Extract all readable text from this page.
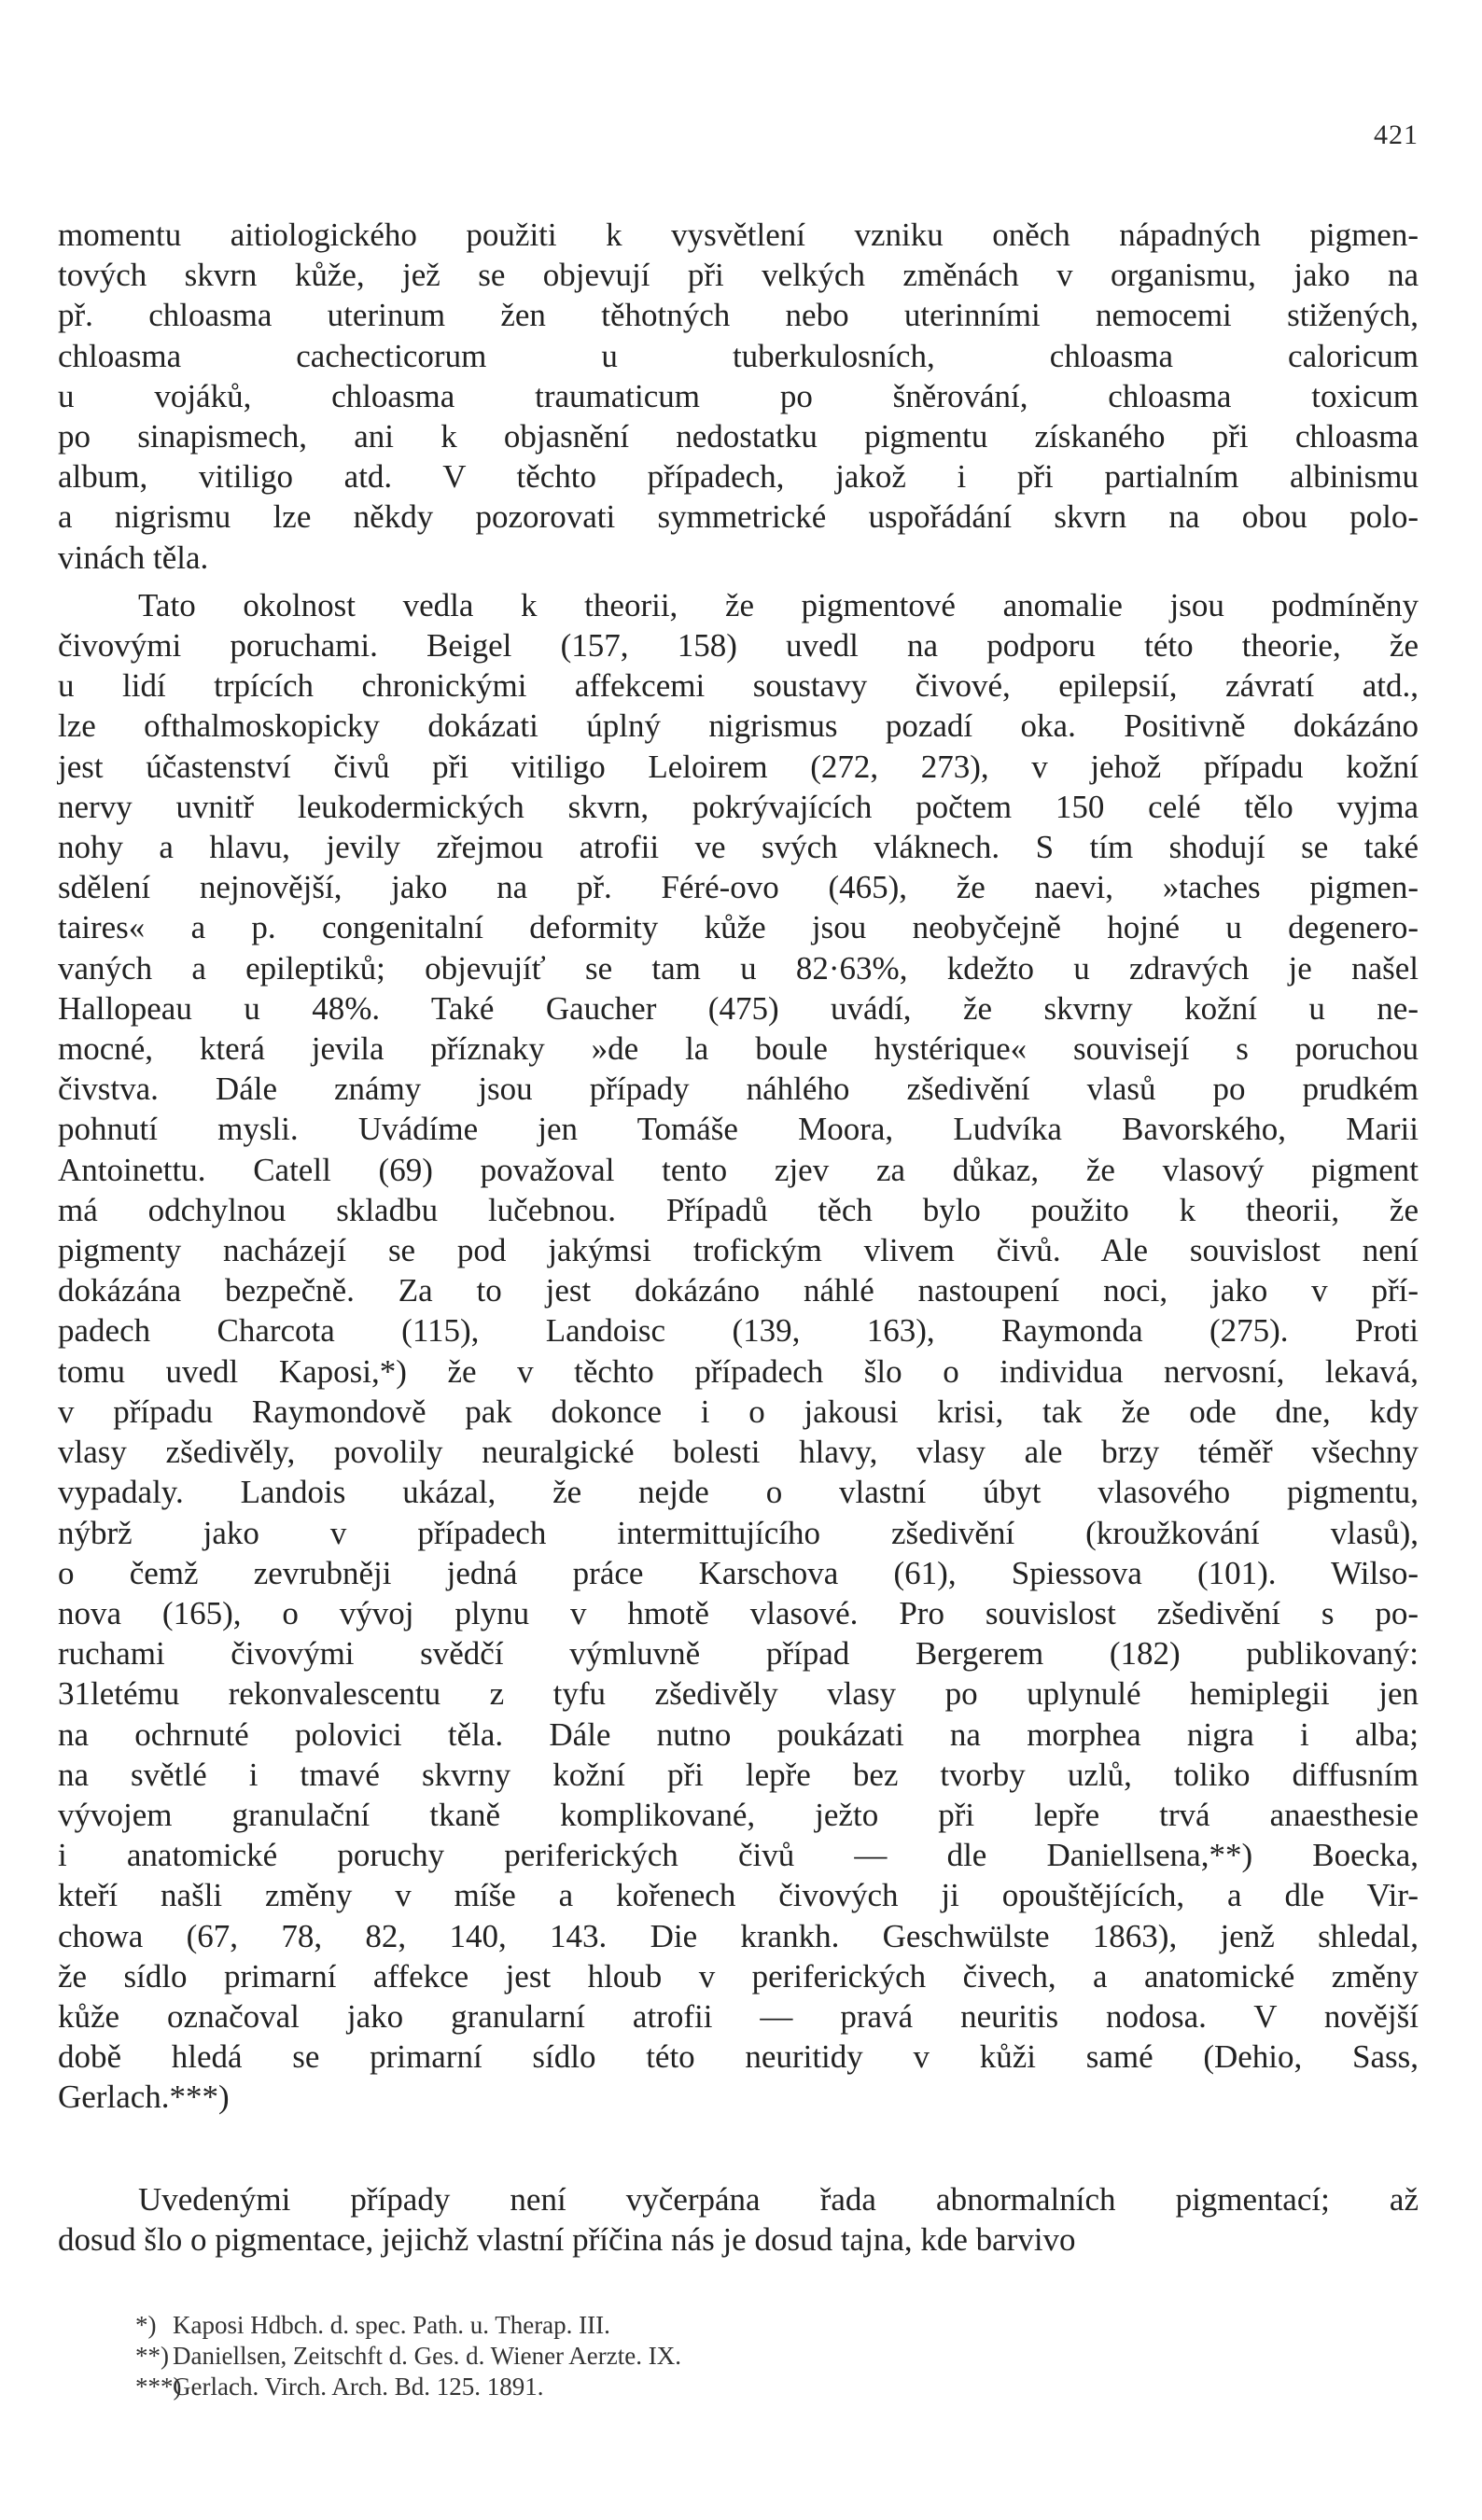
421

momentu aitiologického použiti k vysvětlení vzniku oněch nápadných pigmen-

tových skvrn kůže, jež se objevují při velkých změnách v organismu, jako na

př. chloasma uterinum žen těhotných nebo uterinními nemocemi stižených,

chloasma cachecticorum u tuberkulosních, chloasma caloricum

u vojáků, chloasma traumaticum po šněrování, chloasma toxicum

po sinapismech, ani k objasnění nedostatku pigmentu získaného při chloasma

album, vitiligo atd. V těchto případech, jakož i při partialním albinismu

a nigrismu lze někdy pozorovati symmetrické uspořádání skvrn na obou polo-

vinách těla.

Tato okolnost vedla k theorii, že pigmentové anomalie jsou podmíněny

čivovými poruchami. Beigel (157, 158) uvedl na podporu této theorie, že

u lidí trpících chronickými affekcemi soustavy čivové, epilepsií, závratí atd.,

lze ofthalmoskopicky dokázati úplný nigrismus pozadí oka. Positivně dokázáno

jest účastenství čivů při vitiligo Leloirem (272, 273), v jehož případu kožní

nervy uvnitř leukodermických skvrn, pokrývajících počtem 150 celé tělo vyjma

nohy a hlavu, jevily zřejmou atrofii ve svých vláknech. S tím shodují se také

sdělení nejnovější, jako na př. Féré-ovo (465), že naevi, »taches pigmen-

taires« a p. congenitalní deformity kůže jsou neobyčejně hojné u degenero-

vaných a epileptiků; objevujíť se tam u 82·63%, kdežto u zdravých je našel

Hallopeau u 48%. Také Gaucher (475) uvádí, že skvrny kožní u ne-

mocné, která jevila příznaky »de la boule hystérique« souvisejí s poruchou

čivstva. Dále známy jsou případy náhlého zšedivění vlasů po prudkém

pohnutí mysli. Uvádíme jen Tomáše Moora, Ludvíka Bavorského, Marii

Antoinettu. Catell (69) považoval tento zjev za důkaz, že vlasový pigment

má odchylnou skladbu lučebnou. Případů těch bylo použito k theorii, že

pigmenty nacházejí se pod jakýmsi trofickým vlivem čivů. Ale souvislost není

dokázána bezpečně. Za to jest dokázáno náhlé nastoupení noci, jako v pří-

padech Charcota (115), Landoisc (139, 163), Raymonda (275). Proti

tomu uvedl Kaposi,*) že v těchto případech šlo o individua nervosní, lekavá,

v případu Raymondově pak dokonce i o jakousi krisi, tak že ode dne, kdy

vlasy zšedivěly, povolily neuralgické bolesti hlavy, vlasy ale brzy téměř všechny

vypadaly. Landois ukázal, že nejde o vlastní úbyt vlasového pigmentu,

nýbrž jako v případech intermittujícího zšedivění (kroužkování vlasů),

o čemž zevrubněji jedná práce Karschova (61), Spiessova (101). Wilso-

nova (165), o vývoj plynu v hmotě vlasové. Pro souvislost zšedivění s po-

ruchami čivovými svědčí výmluvně případ Bergerem (182) publikovaný:

31letému rekonvalescentu z tyfu zšedivěly vlasy po uplynulé hemiplegii jen

na ochrnuté polovici těla. Dále nutno poukázati na morphea nigra i alba;

na světlé i tmavé skvrny kožní při lepře bez tvorby uzlů, toliko diffusním

vývojem granulační tkaně komplikované, ježto při lepře trvá anaesthesie

i anatomické poruchy periferických čivů — dle Daniellsena,**) Boecka,

kteří našli změny v míše a kořenech čivových ji opouštějících, a dle Vir-

chowa (67, 78, 82, 140, 143. Die krankh. Geschwülste 1863), jenž shledal,

že sídlo primarní affekce jest hloub v periferických čivech, a anatomické změny

kůže označoval jako granularní atrofii — pravá neuritis nodosa. V novější

době hledá se primarní sídlo této neuritidy v kůži samé (Dehio, Sass,

Gerlach.***)

Uvedenými případy není vyčerpána řada abnormalních pigmentací; až

dosud šlo o pigmentace, jejichž vlastní příčina nás je dosud tajna, kde barvivo

*) Kaposi Hdbch. d. spec. Path. u. Therap. III.

**) Daniellsen, Zeitschft d. Ges. d. Wiener Aerzte. IX.

***)Gerlach. Virch. Arch. Bd. 125. 1891.
